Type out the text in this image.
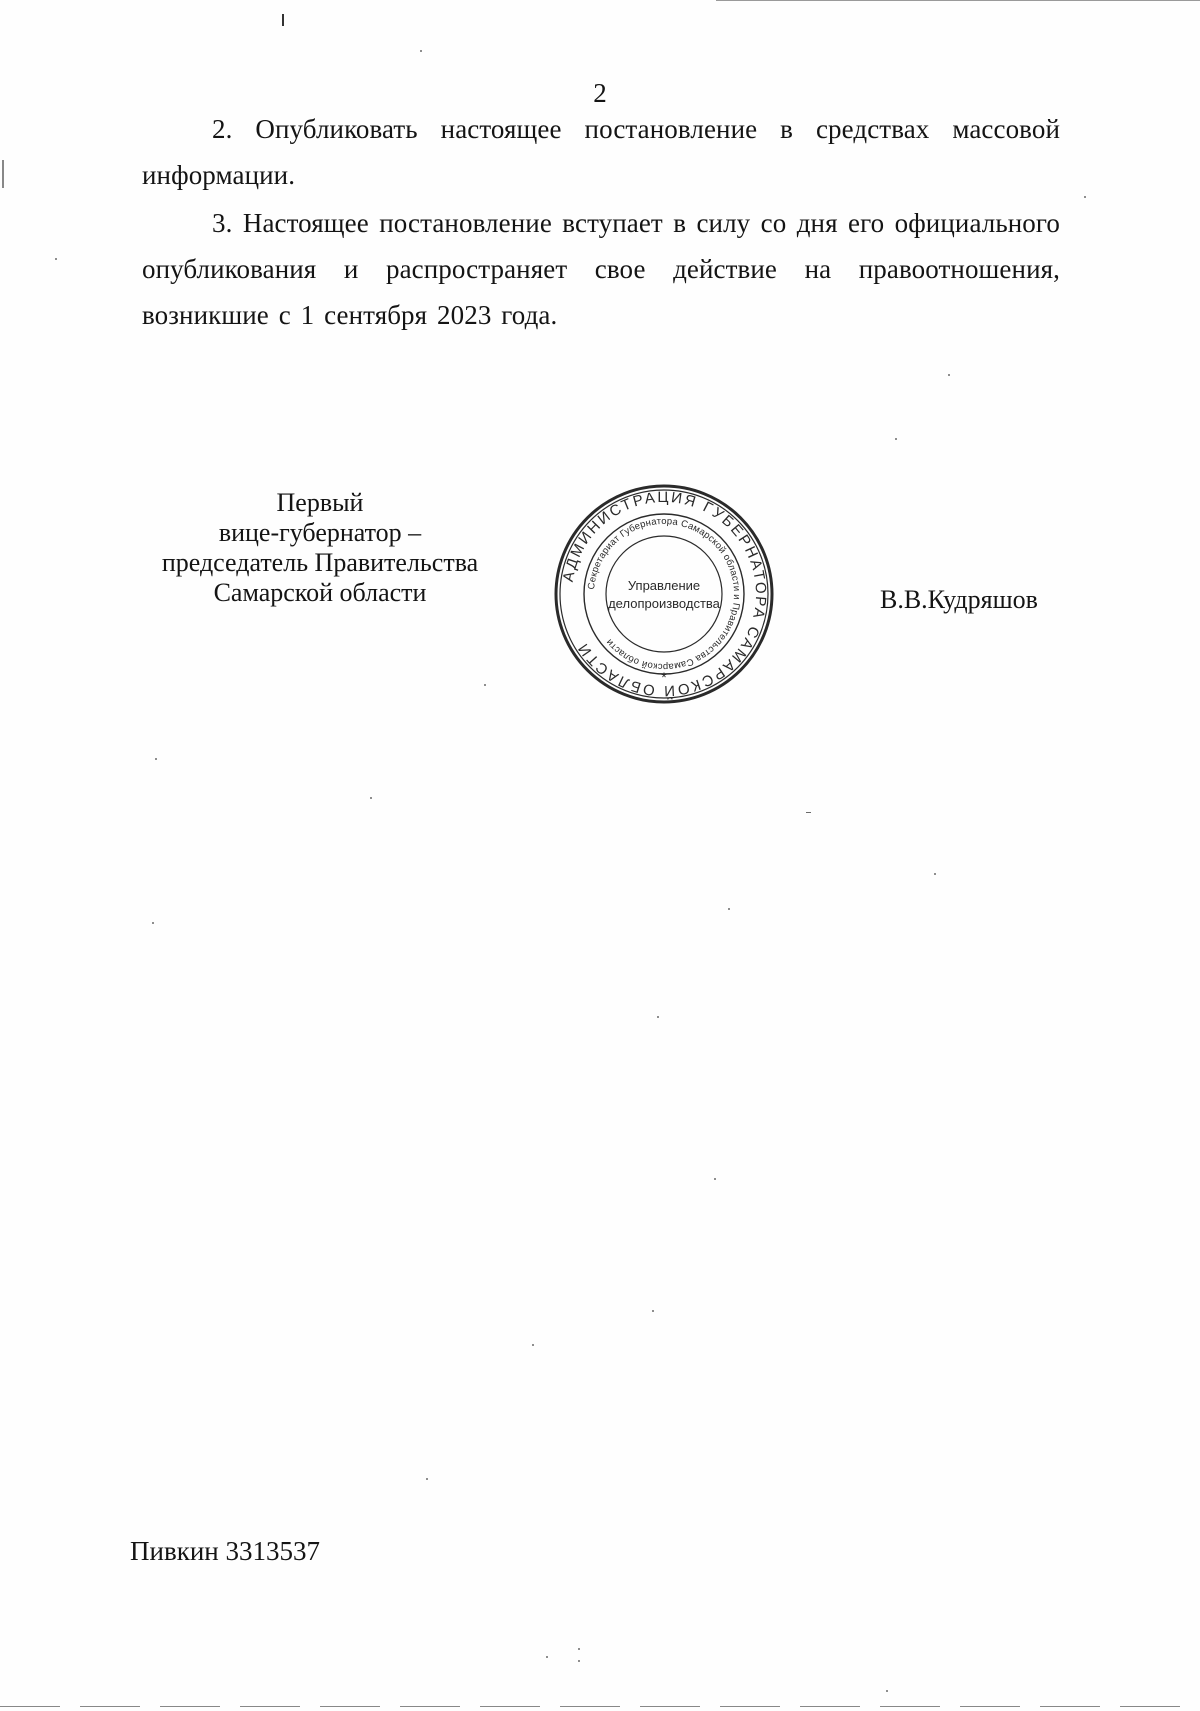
2

2. Опубликовать настоящее постановление в средствах массовой информации.

3. Настоящее постановление вступает в силу со дня его официального опубликования и распространяет свое действие на правоотношения, возникшие с 1 сентября 2023 года.

Первый
вице-губернатор –
председатель Правительства
Самарской области
АДМИНИСТРАЦИЯ ГУБЕРНАТОРА САМАРСКОЙ ОБЛАСТИ
Секретариат Губернатора Самарской области и Правительства Самарской области
Управление
делопроизводства
*
В.В.Кудряшов
Пивкин 3313537
